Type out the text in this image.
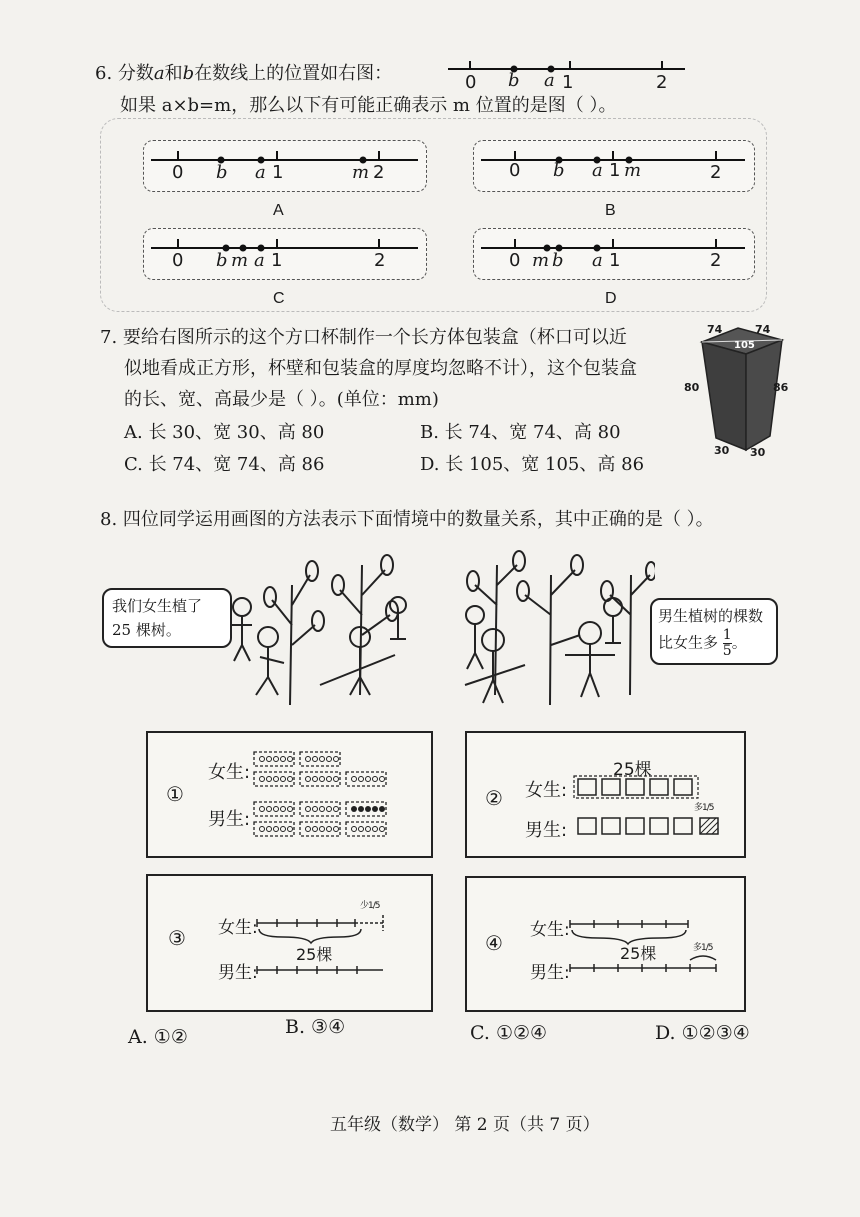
6. 分数a和b在数线上的位置如右图：	0 b a 1	2
如果 a×b=m，那么以下有可能正确表示 m 位置的是图（ ）。
0 b a 1	m 2
A
0 b a 1 m	2
B
0 b m a 1	2
C
0 m b a 1	2
D
7. 要给右图所示的这个方口杯制作一个长方体包装盒（杯口可以近
似地看成正方形，杯壁和包装盒的厚度均忽略不计），这个包装盒
的长、宽、高最少是（ ）。(单位：mm)
A. 长 30、宽 30、高 80	B. 长 74、宽 74、高 80
C. 长 74、宽 74、高 86	D. 长 105、宽 105、高 86
74	74
105
80	86
30 30
8. 四位同学运用画图的方法表示下面情境中的数量关系，其中正确的是（ ）。
我们女生植了
25 棵树。
男生植树的棵数
比女生多 $\frac{1}{5}$ 。
①
女生:
男生:
②
25棵
女生:
男生:
多1/5
③ 女生:
男生:
25棵
少1/5
④
女生:
男生:
25棵	多1/5
A. ①②	B. ③④	C. ①②④	D. ①②③④
五年级（数学） 第 2 页（共 7 页）
